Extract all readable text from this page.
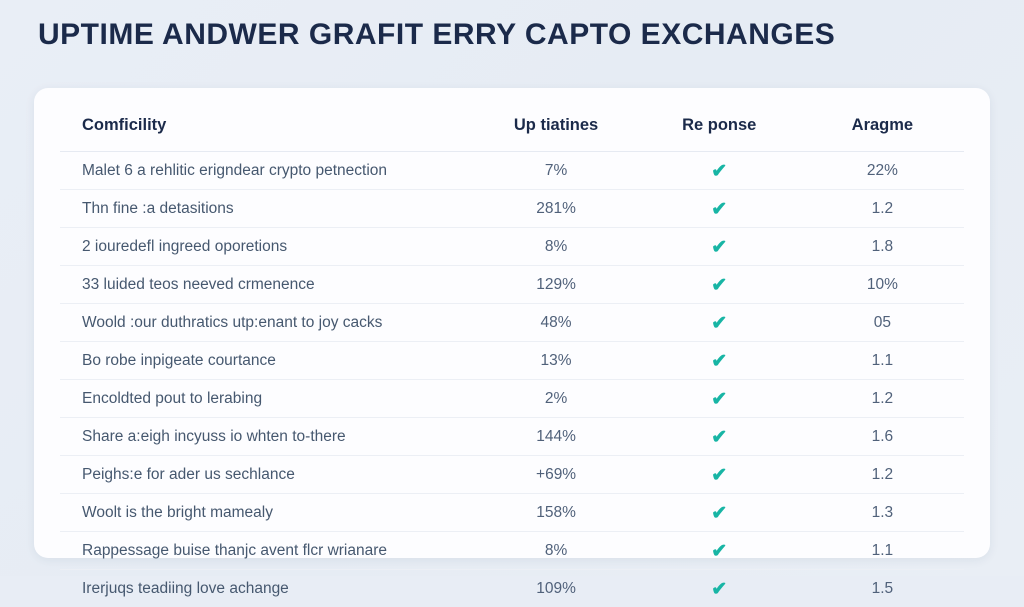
UPTIME ANDWER GRAFIT ERRY CAPTO EXCHANGES
Comficility	Up tiatines	Re ponse	Aragme
Malet 6 a rehlitic erigndear crypto petnection	7%	✔	22%
Thn fine :a detasitions	281%	✔	1.2
2 iouredefl ingreed oporetions	8%	✔	1.8
33 luided teos neeved crmenence	129%	✔	10%
Woold :our duthratics utp:enant to joy cacks	48%	✔	05
Bo robe inpigeate courtance	13%	✔	1.1
Encoldted pout to lerabing	2%	✔	1.2
Share a:eigh incyuss io whten to-there	144%	✔	1.6
Peighs:e for ader us sechlance	+69%	✔	1.2
Woolt is the bright mamealy	158%	✔	1.3
Rappessage buise thanjc avent flcr wrianare	8%	✔	1.1
Irerjuqs teadiing love achange	109%	✔	1.5
